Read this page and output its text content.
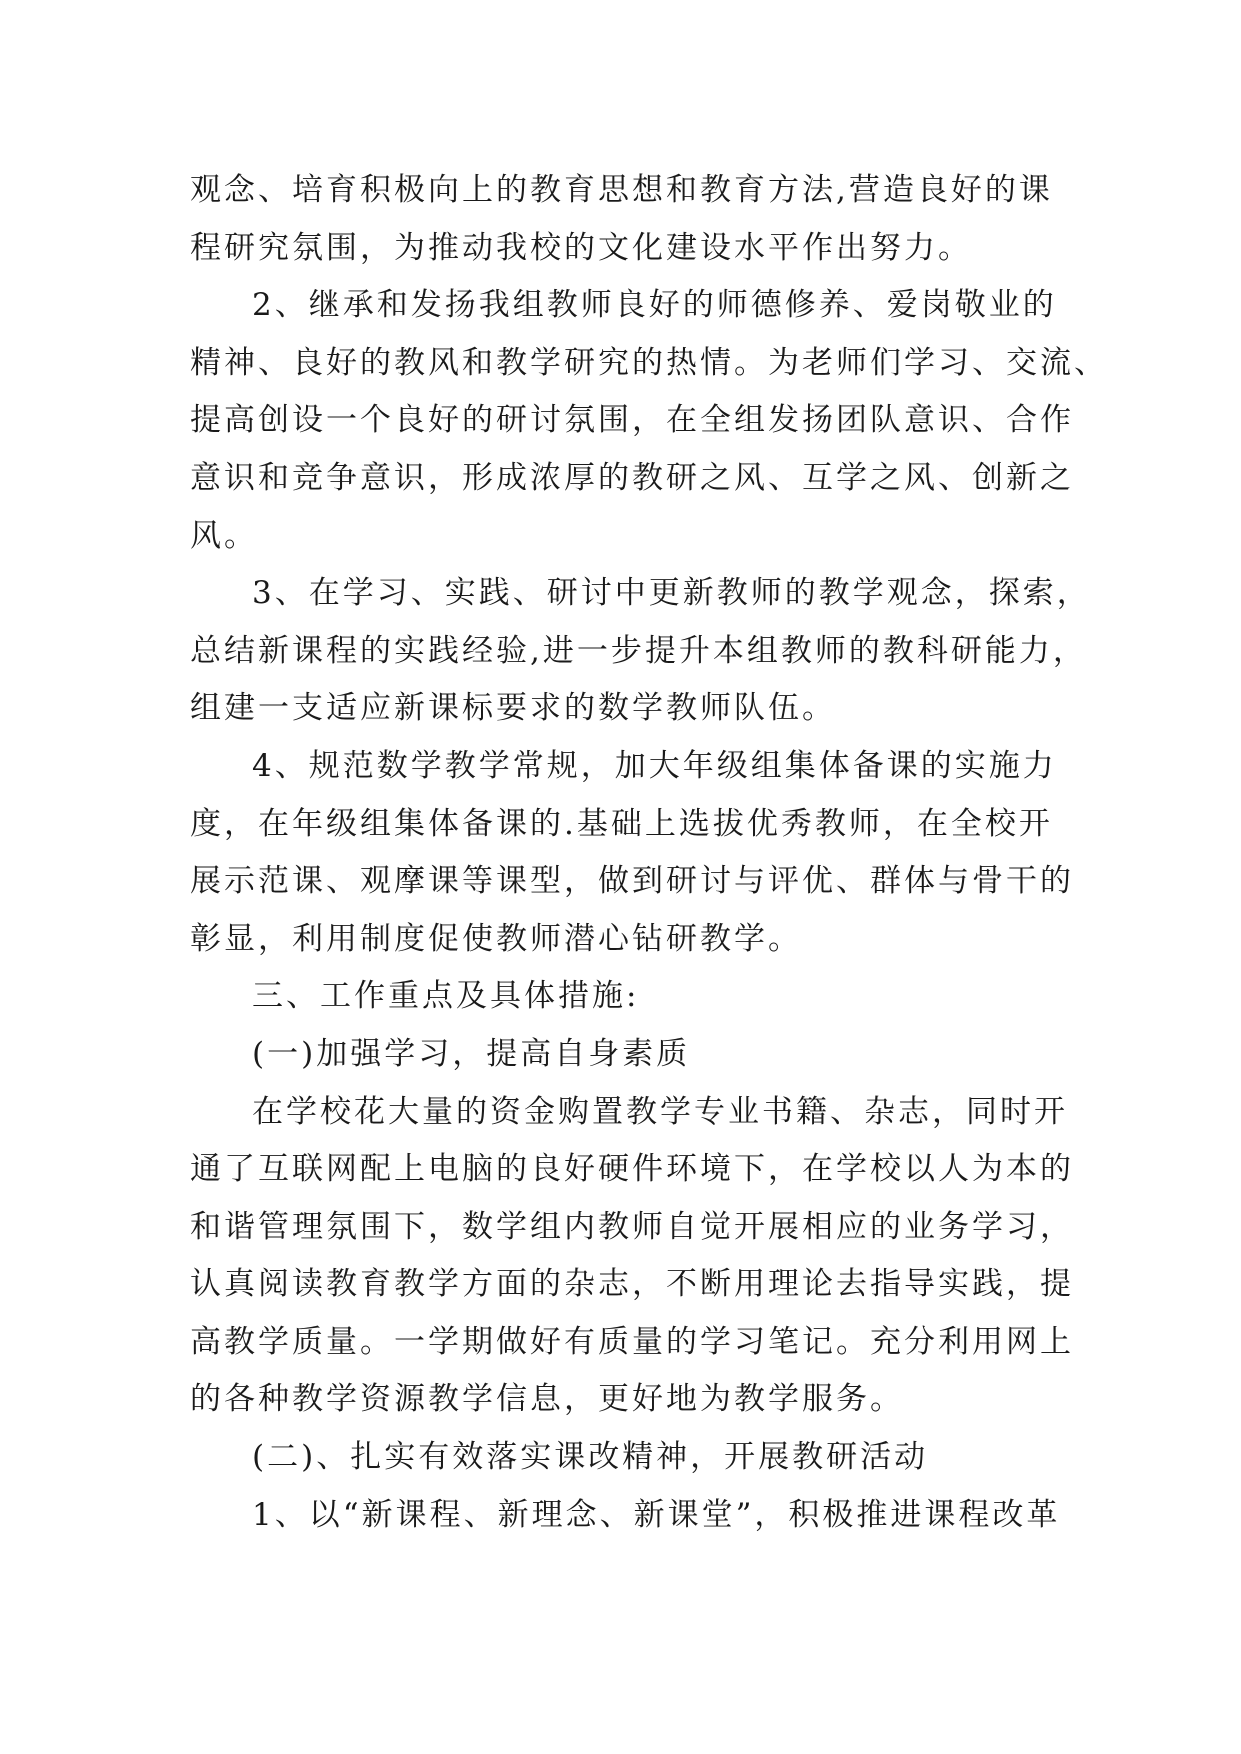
观念、培育积极向上的教育思想和教育方法,营造良好的课
程研究氛围，为推动我校的文化建设水平作出努力。
2、继承和发扬我组教师良好的师德修养、爱岗敬业的
精神、良好的教风和教学研究的热情。为老师们学习、交流、
提高创设一个良好的研讨氛围，在全组发扬团队意识、合作
意识和竞争意识，形成浓厚的教研之风、互学之风、创新之
风。
3、在学习、实践、研讨中更新教师的教学观念，探索，
总结新课程的实践经验,进一步提升本组教师的教科研能力，
组建一支适应新课标要求的数学教师队伍。
4、规范数学教学常规，加大年级组集体备课的实施力
度，在年级组集体备课的.基础上选拔优秀教师，在全校开
展示范课、观摩课等课型，做到研讨与评优、群体与骨干的
彰显，利用制度促使教师潜心钻研教学。
三、工作重点及具体措施:
(一)加强学习，提高自身素质
在学校花大量的资金购置教学专业书籍、杂志，同时开
通了互联网配上电脑的良好硬件环境下，在学校以人为本的
和谐管理氛围下，数学组内教师自觉开展相应的业务学习，
认真阅读教育教学方面的杂志，不断用理论去指导实践，提
高教学质量。一学期做好有质量的学习笔记。充分利用网上
的各种教学资源教学信息，更好地为教学服务。
(二)、扎实有效落实课改精神，开展教研活动
1、以“新课程、新理念、新课堂”，积极推进课程改革
